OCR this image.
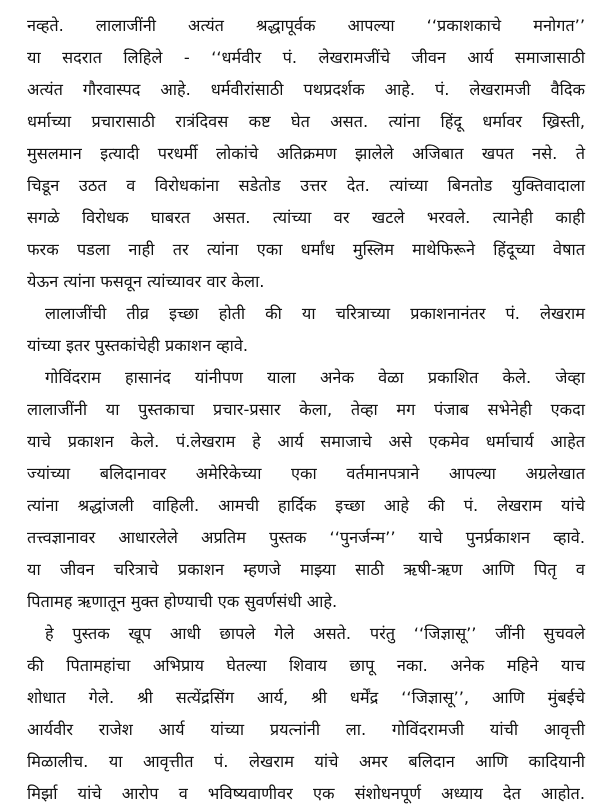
नव्हते. लालाजींनी अत्यंत श्रद्धापूर्वक आपल्या ‘‘प्रकाशकाचे मनोगत’’
या सदरात लिहिले - ‘‘धर्मवीर पं. लेखरामजींचे जीवन आर्य समाजासाठी
अत्यंत गौरवास्पद आहे. धर्मवीरांसाठी पथप्रदर्शक आहे. पं. लेखरामजी वैदिक
धर्माच्या प्रचारासाठी रात्रंदिवस कष्ट घेत असत. त्यांना हिंदू धर्मावर ख्रिस्ती,
मुसलमान इत्यादी परधर्मी लोकांचे अतिक्रमण झालेले अजिबात खपत नसे. ते
चिडून उठत व विरोधकांना सडेतोड उत्तर देत. त्यांच्या बिनतोड युक्तिवादाला
सगळे विरोधक घाबरत असत. त्यांच्या वर खटले भरवले. त्यानेही काही
फरक पडला नाही तर त्यांना एका धर्मांध मुस्लिम माथेफिरूने हिंदूच्या वेषात
येऊन त्यांना फसवून त्यांच्यावर वार केला.
लालाजींची तीव्र इच्छा होती की या चरित्राच्या प्रकाशनानंतर पं. लेखराम
यांच्या इतर पुस्तकांचेही प्रकाशन व्हावे.
गोविंदराम हासानंद यांनीपण याला अनेक वेळा प्रकाशित केले. जेव्हा
लालाजींनी या पुस्तकाचा प्रचार-प्रसार केला, तेव्हा मग पंजाब सभेनेही एकदा
याचे प्रकाशन केले. पं.लेखराम हे आर्य समाजाचे असे एकमेव धर्माचार्य आहेत
ज्यांच्या बलिदानावर अमेरिकेच्या एका वर्तमानपत्राने आपल्या अग्रलेखात
त्यांना श्रद्धांजली वाहिली. आमची हार्दिक इच्छा आहे की पं. लेखराम यांचे
तत्त्वज्ञानावर आधारलेले अप्रतिम पुस्तक ‘‘पुनर्जन्म’’ याचे पुनर्प्रकाशन व्हावे.
या जीवन चरित्राचे प्रकाशन म्हणजे माझ्या साठी ऋषी-ऋण आणि पितृ व
पितामह ऋणातून मुक्त होण्याची एक सुवर्णसंधी आहे.
हे पुस्तक खूप आधी छापले गेले असते. परंतु ‘‘जिज्ञासू’’ जींनी सुचवले
की पितामहांचा अभिप्राय घेतल्या शिवाय छापू नका. अनेक महिने याच
शोधात गेले. श्री सत्येंद्रसिंग आर्य, श्री धर्मेंद्र ‘‘जिज्ञासू’’, आणि मुंबईचे
आर्यवीर राजेश आर्य यांच्या प्रयत्नांनी ला. गोविंदरामजी यांची आवृत्ती
मिळालीच. या आवृत्तीत पं. लेखराम यांचे अमर बलिदान आणि कादियानी
मिर्झा यांचे आरोप व भविष्यवाणीवर एक संशोधनपूर्ण अध्याय देत आहोत.
